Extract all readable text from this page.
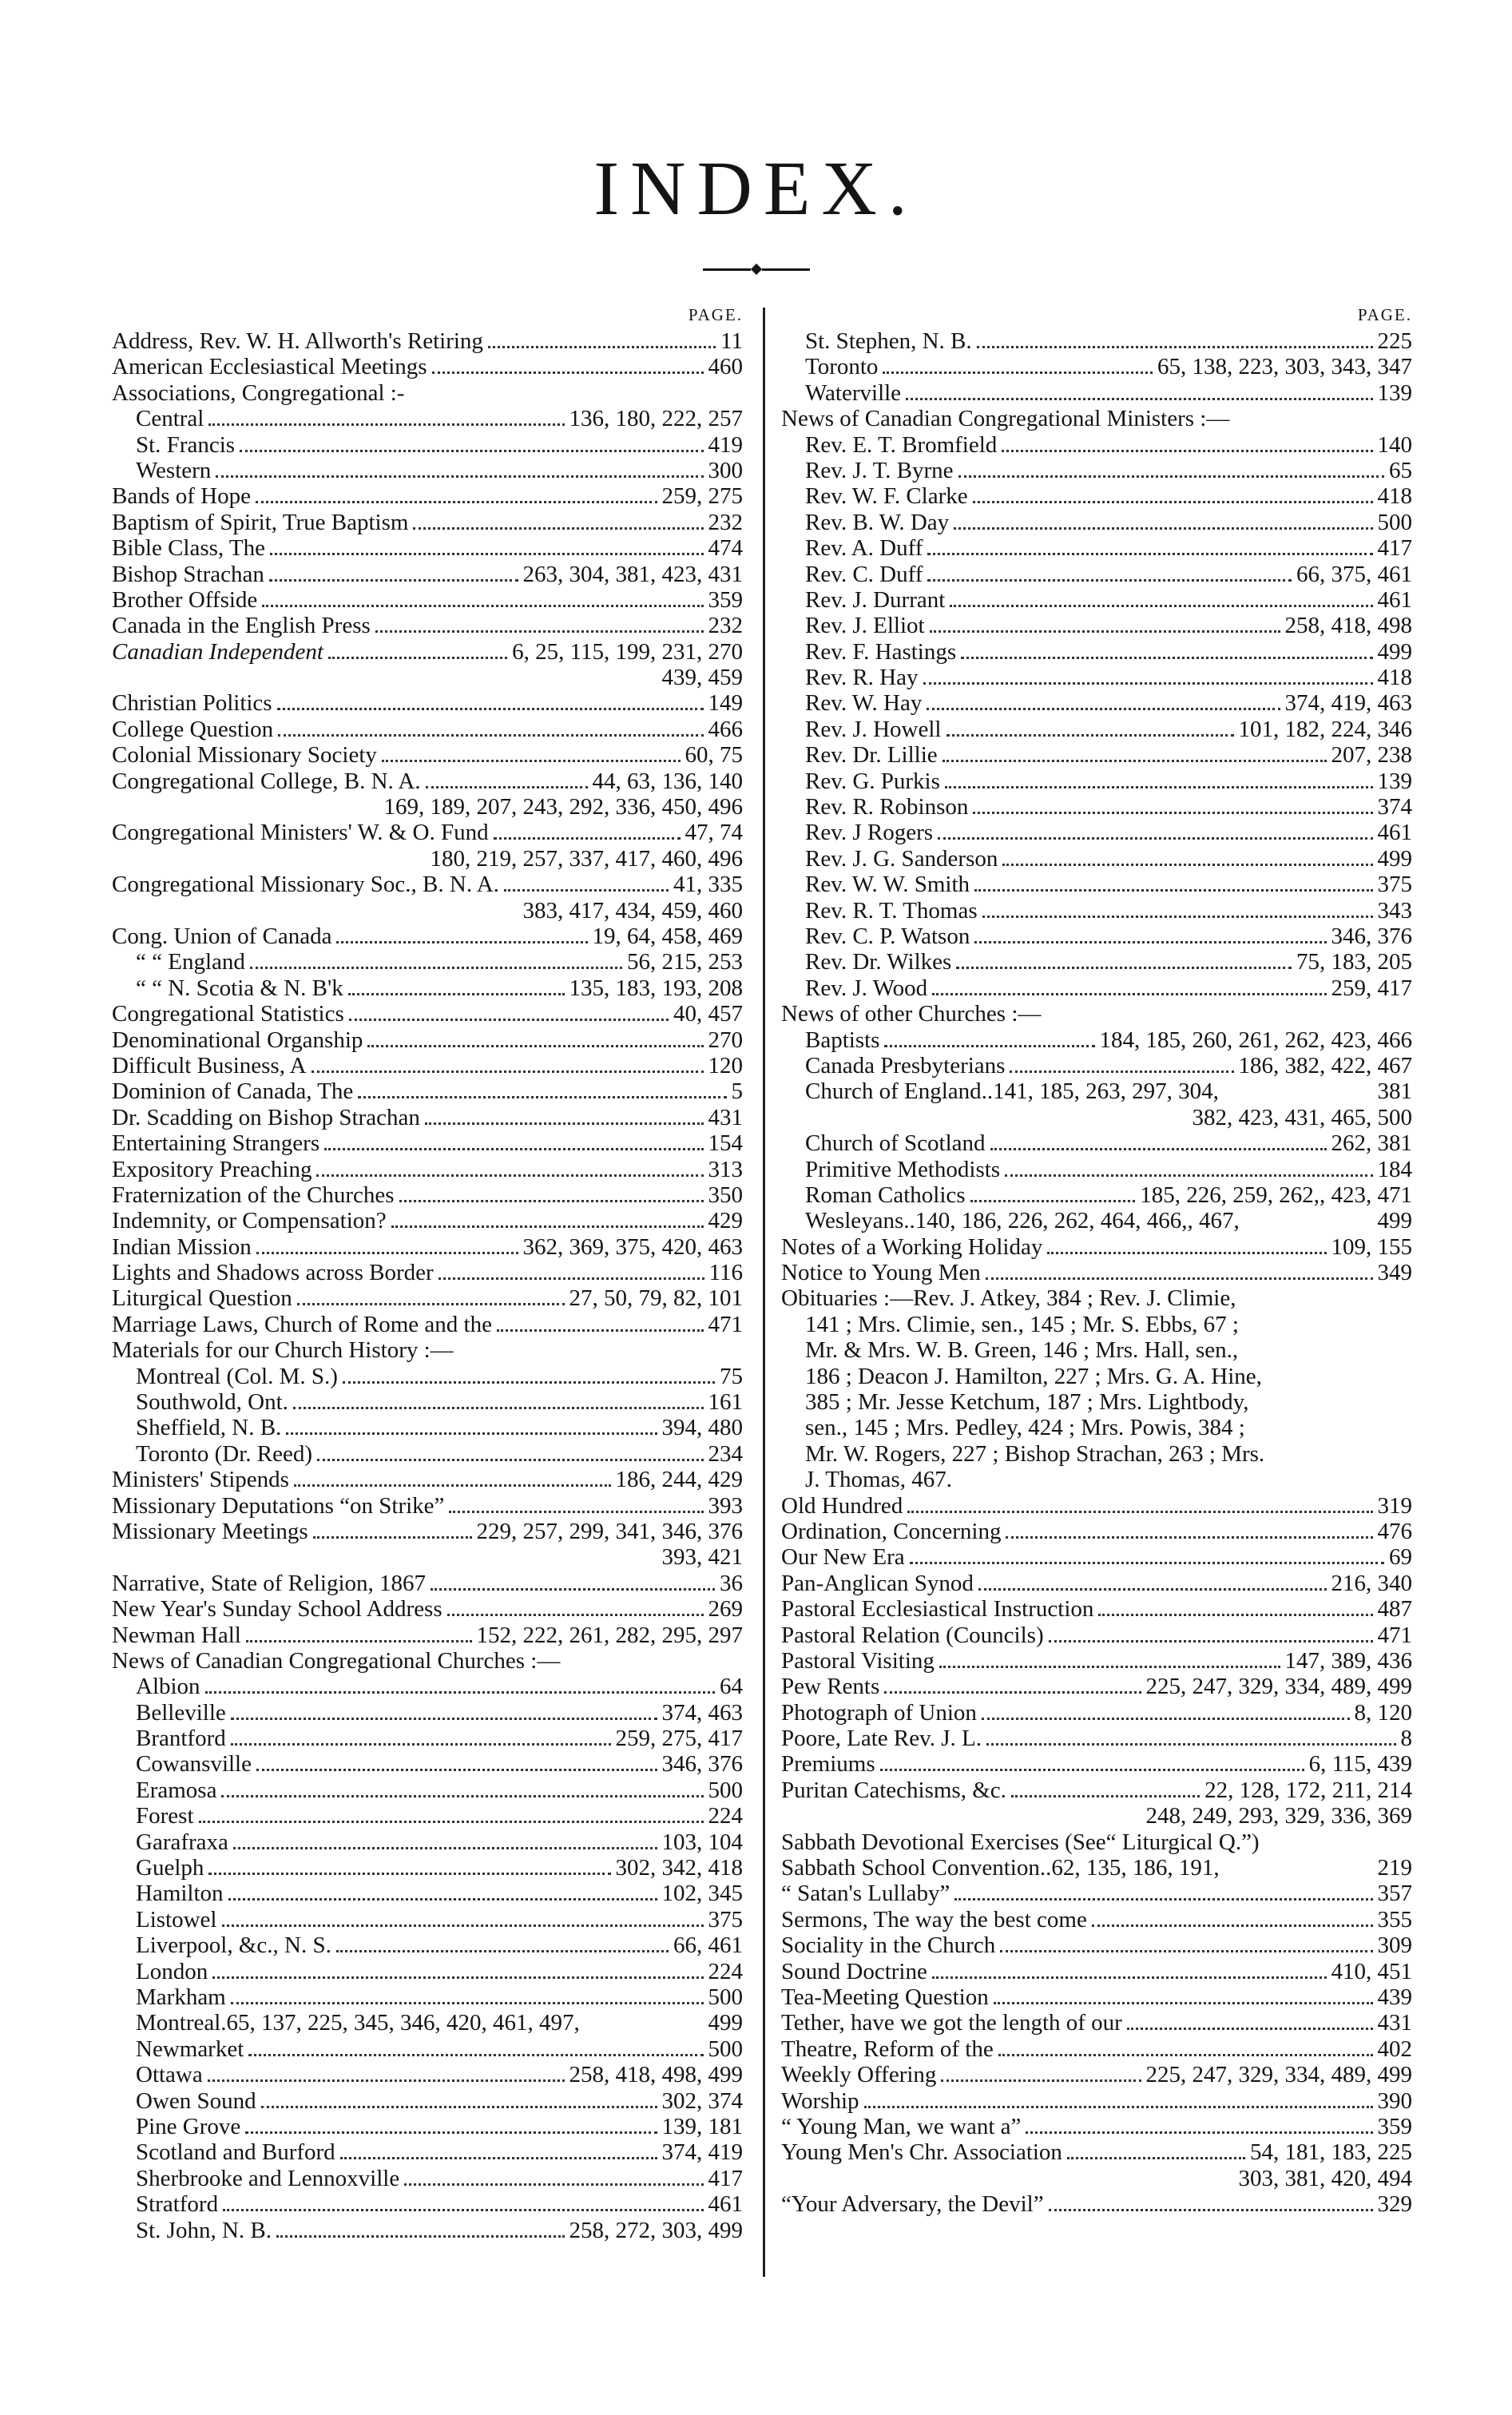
INDEX.
PAGE.
Address, Rev. W. H. Allworth's Retiring	11
American Ecclesiastical Meetings	460
Associations, Congregational :-
Central	136, 180, 222, 257
St. Francis	419
Western	300
Bands of Hope	259, 275
Baptism of Spirit, True Baptism	232
Bible Class, The	474
Bishop Strachan	263, 304, 381, 423, 431
Brother Offside	359
Canada in the English Press	232
Canadian Independent	6, 25, 115, 199, 231, 270
439, 459
Christian Politics	149
College Question	466
Colonial Missionary Society	60, 75
Congregational College, B. N. A.	44, 63, 136, 140
169, 189, 207, 243, 292, 336, 450, 496
Congregational Ministers' W. & O. Fund	47, 74
180, 219, 257, 337, 417, 460, 496
Congregational Missionary Soc., B. N. A.	41, 335
383, 417, 434, 459, 460
Cong. Union of Canada	19, 64, 458, 469
“ “ England	56, 215, 253
“ “ N. Scotia & N. B'k	135, 183, 193, 208
Congregational Statistics	40, 457
Denominational Organship	270
Difficult Business, A	120
Dominion of Canada, The	5
Dr. Scadding on Bishop Strachan	431
Entertaining Strangers	154
Expository Preaching	313
Fraternization of the Churches	350
Indemnity, or Compensation?	429
Indian Mission	362, 369, 375, 420, 463
Lights and Shadows across Border	116
Liturgical Question	27, 50, 79, 82, 101
Marriage Laws, Church of Rome and the	471
Materials for our Church History :—
Montreal (Col. M. S.)	75
Southwold, Ont.	161
Sheffield, N. B.	394, 480
Toronto (Dr. Reed)	234
Ministers' Stipends	186, 244, 429
Missionary Deputations “on Strike”	393
Missionary Meetings	229, 257, 299, 341, 346, 376
393, 421
Narrative, State of Religion, 1867	36
New Year's Sunday School Address	269
Newman Hall	152, 222, 261, 282, 295, 297
News of Canadian Congregational Churches :—
Albion	64
Belleville	374, 463
Brantford	259, 275, 417
Cowansville	346, 376
Eramosa	500
Forest	224
Garafraxa	103, 104
Guelph	302, 342, 418
Hamilton	102, 345
Listowel	375
Liverpool, &c., N. S.	66, 461
London	224
Markham	500
Montreal.65, 137, 225, 345, 346, 420, 461, 497,	499
Newmarket	500
Ottawa	258, 418, 498, 499
Owen Sound	302, 374
Pine Grove	139, 181
Scotland and Burford	374, 419
Sherbrooke and Lennoxville	417
Stratford	461
St. John, N. B.	258, 272, 303, 499
PAGE.
St. Stephen, N. B.	225
Toronto	65, 138, 223, 303, 343, 347
Waterville	139
News of Canadian Congregational Ministers :—
Rev. E. T. Bromfield	140
Rev. J. T. Byrne	65
Rev. W. F. Clarke	418
Rev. B. W. Day	500
Rev. A. Duff	417
Rev. C. Duff	66, 375, 461
Rev. J. Durrant	461
Rev. J. Elliot	258, 418, 498
Rev. F. Hastings	499
Rev. R. Hay	418
Rev. W. Hay	374, 419, 463
Rev. J. Howell	101, 182, 224, 346
Rev. Dr. Lillie	207, 238
Rev. G. Purkis	139
Rev. R. Robinson	374
Rev. J Rogers	461
Rev. J. G. Sanderson	499
Rev. W. W. Smith	375
Rev. R. T. Thomas	343
Rev. C. P. Watson	346, 376
Rev. Dr. Wilkes	75, 183, 205
Rev. J. Wood	259, 417
News of other Churches :—
Baptists	184, 185, 260, 261, 262, 423, 466
Canada Presbyterians	186, 382, 422, 467
Church of England..141, 185, 263, 297, 304,	381
382, 423, 431, 465, 500
Church of Scotland	262, 381
Primitive Methodists	184
Roman Catholics	185, 226, 259, 262,, 423, 471
Wesleyans..140, 186, 226, 262, 464, 466,, 467,	499
Notes of a Working Holiday	109, 155
Notice to Young Men	349
Obituaries :—Rev. J. Atkey, 384 ; Rev. J. Climie,
141 ; Mrs. Climie, sen., 145 ; Mr. S. Ebbs, 67 ;
Mr. & Mrs. W. B. Green, 146 ; Mrs. Hall, sen.,
186 ; Deacon J. Hamilton, 227 ; Mrs. G. A. Hine,
385 ; Mr. Jesse Ketchum, 187 ; Mrs. Lightbody,
sen., 145 ; Mrs. Pedley, 424 ; Mrs. Powis, 384 ;
Mr. W. Rogers, 227 ; Bishop Strachan, 263 ; Mrs.
J. Thomas, 467.
Old Hundred	319
Ordination, Concerning	476
Our New Era	69
Pan-Anglican Synod	216, 340
Pastoral Ecclesiastical Instruction	487
Pastoral Relation (Councils)	471
Pastoral Visiting	147, 389, 436
Pew Rents	225, 247, 329, 334, 489, 499
Photograph of Union	8, 120
Poore, Late Rev. J. L.	8
Premiums	6, 115, 439
Puritan Catechisms, &c.	22, 128, 172, 211, 214
248, 249, 293, 329, 336, 369
Sabbath Devotional Exercises (See“ Liturgical Q.”)
Sabbath School Convention..62, 135, 186, 191,	219
“ Satan's Lullaby”	357
Sermons, The way the best come	355
Sociality in the Church	309
Sound Doctrine	410, 451
Tea-Meeting Question	439
Tether, have we got the length of our	431
Theatre, Reform of the	402
Weekly Offering	225, 247, 329, 334, 489, 499
Worship	390
“ Young Man, we want a”	359
Young Men's Chr. Association	54, 181, 183, 225
303, 381, 420, 494
“Your Adversary, the Devil”	329
